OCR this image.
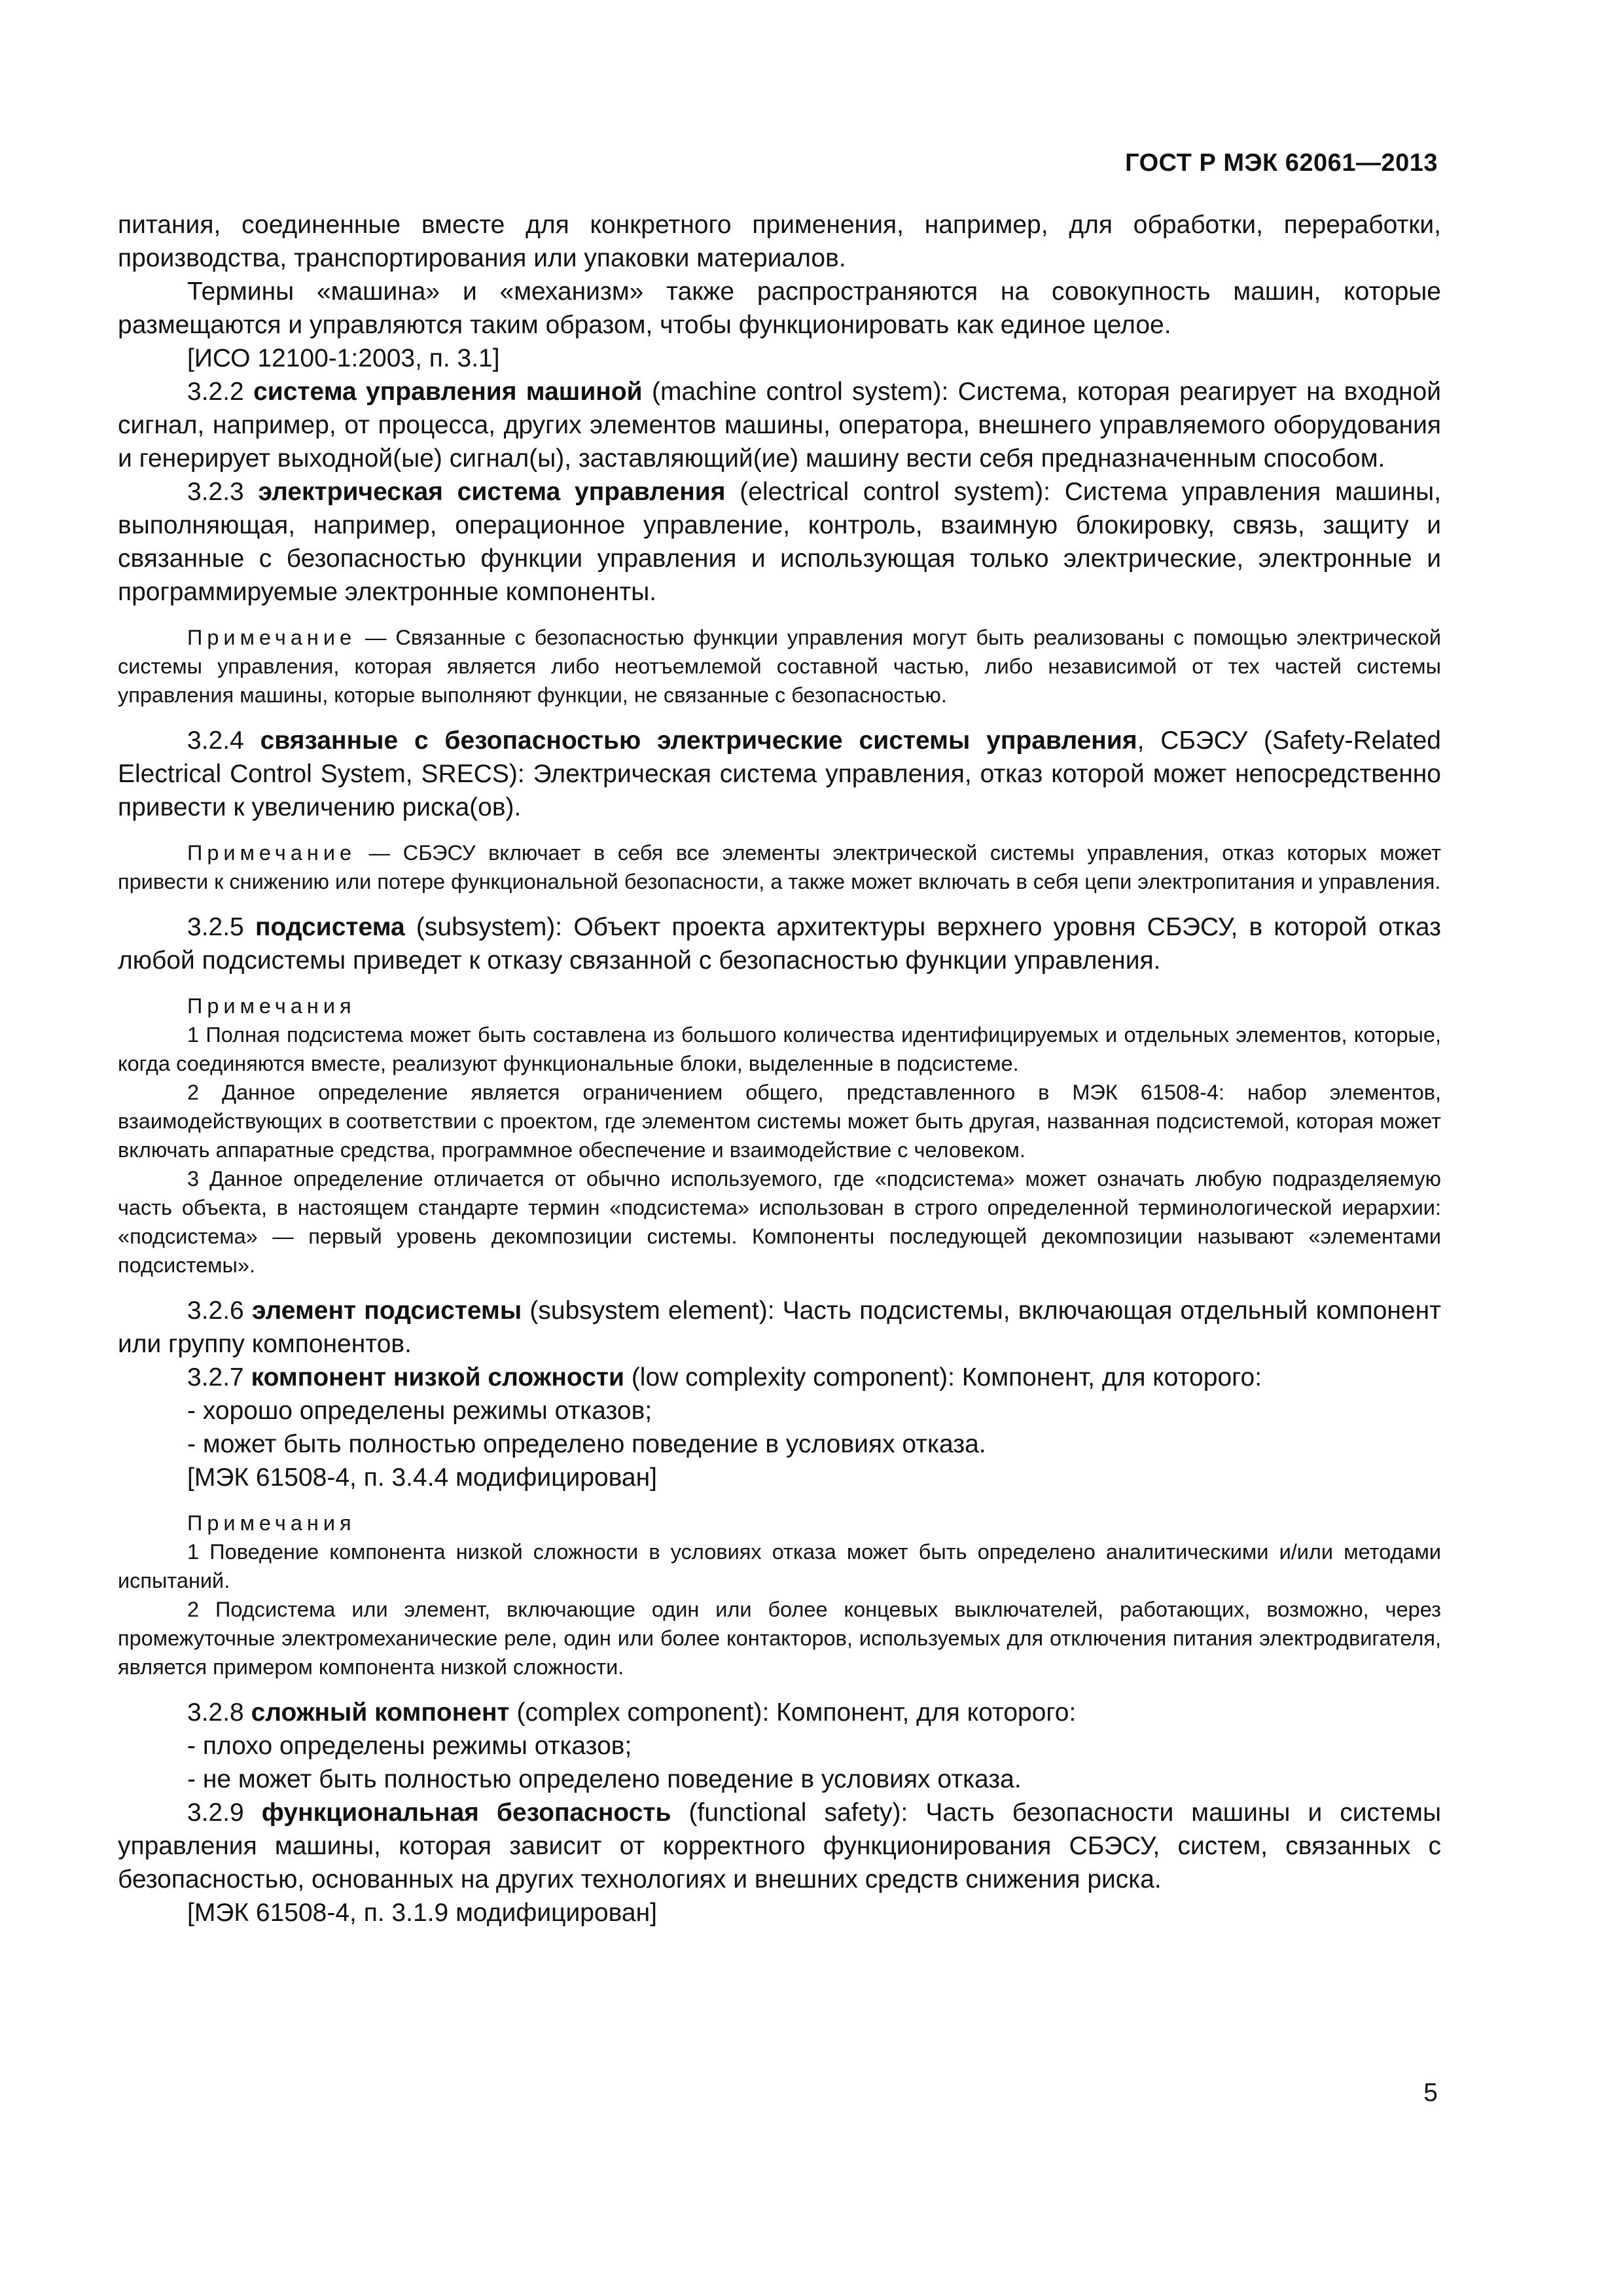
ГОСТ Р МЭК 62061—2013

питания, соединенные вместе для конкретного применения, например, для обработки, переработки, производства, транспортирования или упаковки материалов.

Термины «машина» и «механизм» также распространяются на совокупность машин, которые размещаются и управляются таким образом, чтобы функционировать как единое целое.

[ИСО 12100-1:2003, п. 3.1]

3.2.2 система управления машиной (machine control system): Система, которая реагирует на входной сигнал, например, от процесса, других элементов машины, оператора, внешнего управляемого оборудования и генерирует выходной(ые) сигнал(ы), заставляющий(ие) машину вести себя предназначенным способом.

3.2.3 электрическая система управления (electrical control system): Система управления машины, выполняющая, например, операционное управление, контроль, взаимную блокировку, связь, защиту и связанные с безопасностью функции управления и использующая только электрические, электронные и программируемые электронные компоненты.

Примечание — Связанные с безопасностью функции управления могут быть реализованы с помощью электрической системы управления, которая является либо неотъемлемой составной частью, либо независимой от тех частей системы управления машины, которые выполняют функции, не связанные с безопасностью.

3.2.4 связанные с безопасностью электрические системы управления, СБЭСУ (Safety-Related Electrical Control System, SRECS): Электрическая система управления, отказ которой может непосредственно привести к увеличению риска(ов).

Примечание — СБЭСУ включает в себя все элементы электрической системы управления, отказ которых может привести к снижению или потере функциональной безопасности, а также может включать в себя цепи электропитания и управления.

3.2.5 подсистема (subsystem): Объект проекта архитектуры верхнего уровня СБЭСУ, в которой отказ любой подсистемы приведет к отказу связанной с безопасностью функции управления.

Примечания

1 Полная подсистема может быть составлена из большого количества идентифицируемых и отдельных элементов, которые, когда соединяются вместе, реализуют функциональные блоки, выделенные в подсистеме.

2 Данное определение является ограничением общего, представленного в МЭК 61508-4: набор элементов, взаимодействующих в соответствии с проектом, где элементом системы может быть другая, названная подсистемой, которая может включать аппаратные средства, программное обеспечение и взаимодействие с человеком.

3 Данное определение отличается от обычно используемого, где «подсистема» может означать любую подразделяемую часть объекта, в настоящем стандарте термин «подсистема» использован в строго определенной терминологической иерархии: «подсистема» — первый уровень декомпозиции системы. Компоненты последующей декомпозиции называют «элементами подсистемы».

3.2.6 элемент подсистемы (subsystem element): Часть подсистемы, включающая отдельный компонент или группу компонентов.

3.2.7 компонент низкой сложности (low complexity component): Компонент, для которого:

- хорошо определены режимы отказов;

- может быть полностью определено поведение в условиях отказа.

[МЭК 61508-4, п. 3.4.4 модифицирован]

Примечания

1 Поведение компонента низкой сложности в условиях отказа может быть определено аналитическими и/или методами испытаний.

2 Подсистема или элемент, включающие один или более концевых выключателей, работающих, возможно, через промежуточные электромеханические реле, один или более контакторов, используемых для отключения питания электродвигателя, является примером компонента низкой сложности.

3.2.8 сложный компонент (complex component): Компонент, для которого:

- плохо определены режимы отказов;

- не может быть полностью определено поведение в условиях отказа.

3.2.9 функциональная безопасность (functional safety): Часть безопасности машины и системы управления машины, которая зависит от корректного функционирования СБЭСУ, систем, связанных с безопасностью, основанных на других технологиях и внешних средств снижения риска.

[МЭК 61508-4, п. 3.1.9 модифицирован]

5
